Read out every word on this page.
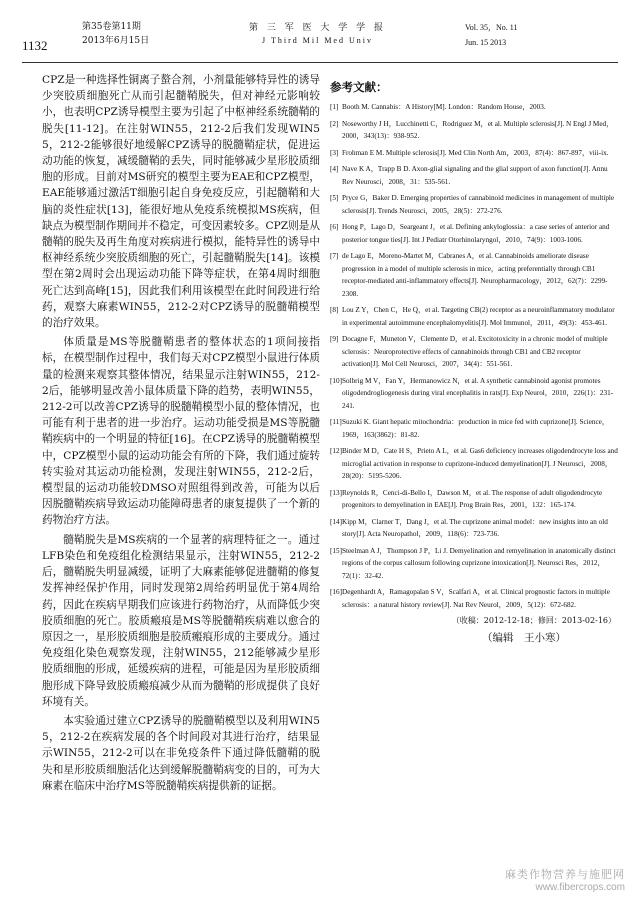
1132
第35卷第11期
2013年6月15日
第 三 军 医 大 学 学 报
J Third Mil Med Univ
Vol. 35，No. 11
Jun. 15 2013

CPZ是一种选择性铜离子螯合剂，小剂量能够特异性的诱导少突胶质细胞死亡从而引起髓鞘脱失，但对神经元影响较小，也表明CPZ诱导模型主要为引起了中枢神经系统髓鞘的脱失[11-12]。在注射WIN55，212-2后我们发现WIN55，212-2能够很好地缓解CPZ诱导的脱髓鞘症状，促进运动功能的恢复，减缓髓鞘的丢失，同时能够减少星形胶质细胞的形成。目前对MS研究的模型主要为EAE和CPZ模型，EAE能够通过激活T细胞引起自身免疫反应，引起髓鞘和大脑的炎性症状[13]，能很好地从免疫系统模拟MS疾病，但缺点为模型制作期间并不稳定，可变因素较多。CPZ则是从髓鞘的脱失及再生角度对疾病进行模拟，能特异性的诱导中枢神经系统少突胶质细胞的死亡，引起髓鞘脱失[14]。该模型在第2周时会出现运动功能下降等症状，在第4周时细胞死亡达到高峰[15]，因此我们利用该模型在此时间段进行给药，观察大麻素WIN55，212-2对CPZ诱导的脱髓鞘模型的治疗效果。

体质量是MS等脱髓鞘患者的整体状态的1项间接指标，在模型制作过程中，我们每天对CPZ模型小鼠进行体质量的检测来观察其整体情况，结果显示注射WIN55，212-2后，能够明显改善小鼠体质量下降的趋势，表明WIN55，212-2可以改善CPZ诱导的脱髓鞘模型小鼠的整体情况，也可能有利于患者的进一步治疗。运动功能受损是MS等脱髓鞘疾病中的一个明显的特征[16]。在CPZ诱导的脱髓鞘模型中，CPZ模型小鼠的运动功能会有所的下降，我们通过旋转转实验对其运动功能检测，发现注射WIN55，212-2后，模型鼠的运动功能较DMSO对照组得到改善，可能为以后因脱髓鞘疾病导致运动功能障碍患者的康复提供了一个新的药物治疗方法。

髓鞘脱失是MS疾病的一个显著的病理特征之一。通过LFB染色和免疫组化检测结果显示，注射WIN55，212-2后，髓鞘脱失明显减缓，证明了大麻素能够促进髓鞘的修复发挥神经保护作用，同时发现第2周给药明显优于第4周给药，因此在疾病早期我们应该进行药物治疗，从而降低少突胶质细胞的死亡。胶质瘢痕是MS等脱髓鞘疾病难以愈合的原因之一，星形胶质细胞是胶质瘢痕形成的主要成分。通过免疫组化染色观察发现，注射WIN55，212能够减少星形胶质细胞的形成，延缓疾病的进程，可能是因为星形胶质细胞形成下降导致胶质瘢痕减少从而为髓鞘的形成提供了良好环境有关。

本实验通过建立CPZ诱导的脱髓鞘模型以及利用WIN55，212-2在疾病发展的各个时间段对其进行治疗，结果显示WIN55，212-2可以在非免疫条件下通过降低髓鞘的脱失和星形胶质细胞活化达到缓解脱髓鞘病变的目的，可为大麻素在临床中治疗MS等脱髓鞘疾病提供新的证据。

参考文献：

[1] Booth M. Cannabis：A History[M]. London：Random House，2003.

[2] Noseworthy J H，Lucchinetti C，Rodriguez M，et al. Multiple sclerosis[J]. N Engl J Med，2000，343(13)：938-952.

[3] Frohman E M. Multiple sclerosis[J]. Med Clin North Am，2003，87(4)：867-897，viii-ix.

[4] Nave K A，Trapp B D. Axon-glial signaling and the glial support of axon function[J]. Annu Rev Neurosci，2008，31：535-561.

[5] Pryce G，Baker D. Emerging properties of cannabinoid medicines in management of multiple sclerosis[J]. Trends Neurosci，2005，28(5)：272-276.

[6] Hong P，Lago D，Seargeant J，et al. Defining ankyloglossia：a case series of anterior and posterior tongue ties[J]. Int J Pediatr Otorhinolaryngol，2010，74(9)：1003-1006.

[7] de Lago E，Moreno-Martet M，Cabranes A，et al. Cannabinoids ameliorate disease progression in a model of multiple sclerosis in mice，acting preferentially through CB1 receptor-mediated anti-inflammatory effects[J]. Neuropharmacology，2012，62(7)：2299-2308.

[8] Lou Z Y，Chen C，He Q，et al. Targeting CB(2) receptor as a neuroinflammatory modulator in experimental autoimmune encephalomyelitis[J]. Mol Immunol，2011，49(3)：453-461.

[9] Docagne F，Muneton V，Clemente D，et al. Excitotoxicity in a chronic model of multiple sclerosis：Neuroprotective effects of cannabinoids through CB1 and CB2 receptor activation[J]. Mol Cell Neurosci，2007，34(4)：551-561.

[10] Solbrig M V，Fan Y，Hermanowicz N，et al. A synthetic cannabinoid agonist promotes oligodendrogliogenesis during viral encephalitis in rats[J]. Exp Neurol，2010，226(1)：231-241.

[11] Suzuki K. Giant hepatic mitochondria：production in mice fed with cuprizone[J]. Science，1969，163(3862)：81-82.

[12] Binder M D，Cate H S，Prieto A L，et al. Gas6 deficiency increases oligodendrocyte loss and microglial activation in response to cuprizone-induced demyelination[J]. J Neurosci，2008，28(20)：5195-5206.

[13] Reynolds R，Cenci-di-Bello I，Dawson M，et al. The response of adult oligodendrocyte progenitors to demyelination in EAE[J]. Prog Brain Res，2001，132：165-174.

[14] Kipp M，Clarner T，Dang J，et al. The cuprizone animal model：new insights into an old story[J]. Acta Neuropathol，2009，118(6)：723-736.

[15] Steelman A J，Thompson J P，Li J. Demyelination and remyelination in anatomically distinct regions of the corpus callosum following cuprizone intoxication[J]. Neurosci Res，2012，72(1)：32-42.

[16] Degenhardt A，Ramagopalan S V，Scalfari A，et al. Clinical prognostic factors in multiple sclerosis：a natural history review[J]. Nat Rev Neurol，2009，5(12)：672-682.

（收稿：2012-12-18；修回：2013-02-16）
（编辑　王小寒）
麻类作物营养与施肥网
www.fibercrops.com
